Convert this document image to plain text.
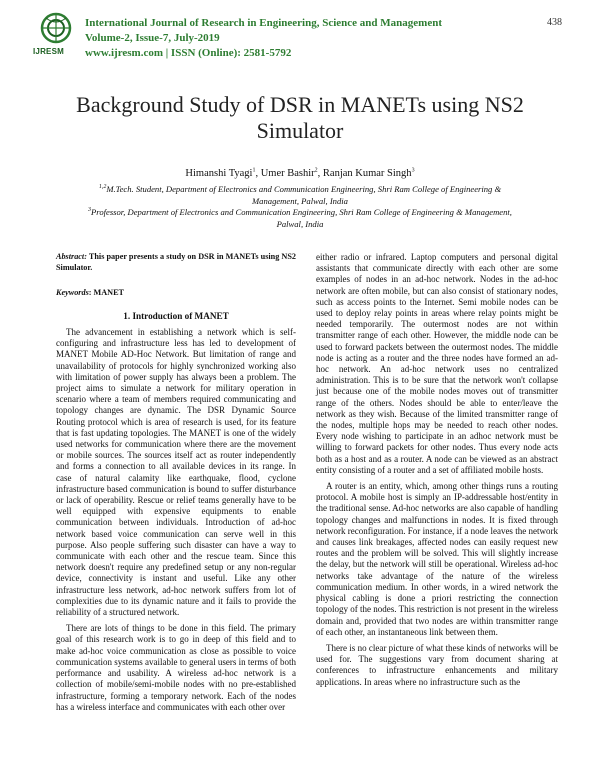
IJRESM
International Journal of Research in Engineering, Science and Management
Volume-2, Issue-7, July-2019
www.ijresm.com | ISSN (Online): 2581-5792
438
Background Study of DSR in MANETs using NS2 Simulator
Himanshi Tyagi$^1$, Umer Bashir$^2$, Ranjan Kumar Singh$^3$
$^{1,2}$M.Tech. Student, Department of Electronics and Communication Engineering, Shri Ram College of Engineering & Management, Palwal, India
$^3$Professor, Department of Electronics and Communication Engineering, Shri Ram College of Engineering & Management, Palwal, India

Abstract: This paper presents a study on DSR in MANETs using NS2 Simulator.

Keywords: MANET

1. Introduction of MANET

The advancement in establishing a network which is self-configuring and infrastructure less has led to development of MANET Mobile AD-Hoc Network. But limitation of range and unavailability of protocols for highly synchronized working also with limitation of power supply has always been a problem. The project aims to simulate a network for military operation in scenario where a team of members required communicating and topology changes are dynamic. The DSR Dynamic Source Routing protocol which is area of research is used, for its feature that is fast updating topologies. The MANET is one of the widely used networks for communication where there are the movement or mobile sources. The sources itself act as router independently and forms a connection to all available devices in its range. In case of natural calamity like earthquake, flood, cyclone infrastructure based communication is bound to suffer disturbance or lack of operability. Rescue or relief teams generally have to be well equipped with expensive equipments to enable communication between individuals. Introduction of ad-hoc network based voice communication can serve well in this purpose. Also people suffering such disaster can have a way to communicate with each other and the rescue team. Since this network doesn't require any predefined setup or any non-regular device, connectivity is instant and useful. Like any other infrastructure less network, ad-hoc network suffers from lot of complexities due to its dynamic nature and it fails to provide the reliability of a structured network.

There are lots of things to be done in this field. The primary goal of this research work is to go in deep of this field and to make ad-hoc voice communication as close as possible to voice communication systems available to general users in terms of both performance and usability. A wireless ad-hoc network is a collection of mobile/semi-mobile nodes with no pre-established infrastructure, forming a temporary network. Each of the nodes has a wireless interface and communicates with each other over

either radio or infrared. Laptop computers and personal digital assistants that communicate directly with each other are some examples of nodes in an ad-hoc network. Nodes in the ad-hoc network are often mobile, but can also consist of stationary nodes, such as access points to the Internet. Semi mobile nodes can be used to deploy relay points in areas where relay points might be needed temporarily. The outermost nodes are not within transmitter range of each other. However, the middle node can be used to forward packets between the outermost nodes. The middle node is acting as a router and the three nodes have formed an ad-hoc network. An ad-hoc network uses no centralized administration. This is to be sure that the network won't collapse just because one of the mobile nodes moves out of transmitter range of the others. Nodes should be able to enter/leave the network as they wish. Because of the limited transmitter range of the nodes, multiple hops may be needed to reach other nodes. Every node wishing to participate in an adhoc network must be willing to forward packets for other nodes. Thus every node acts both as a host and as a router. A node can be viewed as an abstract entity consisting of a router and a set of affiliated mobile hosts.

A router is an entity, which, among other things runs a routing protocol. A mobile host is simply an IP-addressable host/entity in the traditional sense. Ad-hoc networks are also capable of handling topology changes and malfunctions in nodes. It is fixed through network reconfiguration. For instance, if a node leaves the network and causes link breakages, affected nodes can easily request new routes and the problem will be solved. This will slightly increase the delay, but the network will still be operational. Wireless ad-hoc networks take advantage of the nature of the wireless communication medium. In other words, in a wired network the physical cabling is done a priori restricting the connection topology of the nodes. This restriction is not present in the wireless domain and, provided that two nodes are within transmitter range of each other, an instantaneous link between them.

There is no clear picture of what these kinds of networks will be used for. The suggestions vary from document sharing at conferences to infrastructure enhancements and military applications. In areas where no infrastructure such as the
